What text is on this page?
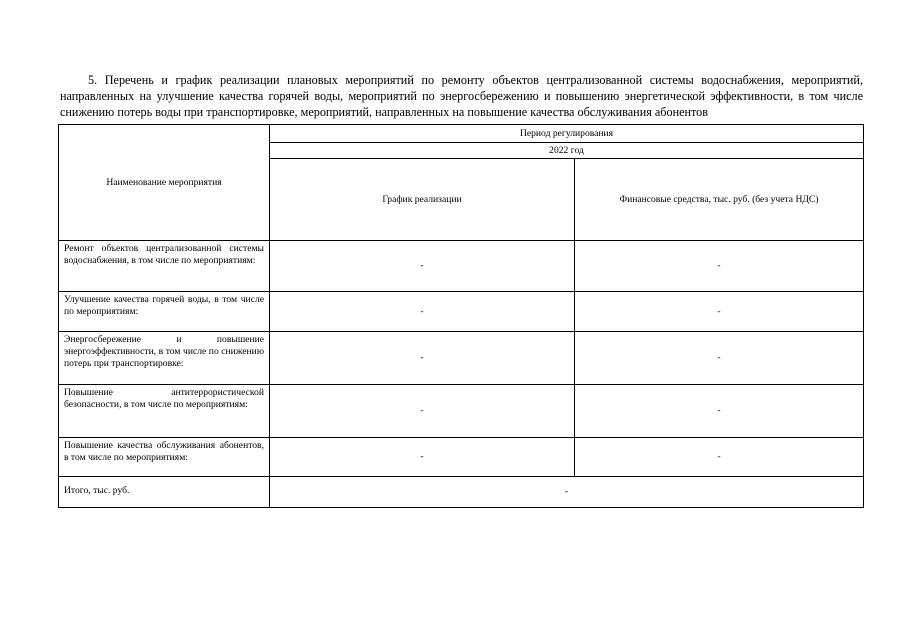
5. Перечень и график реализации плановых мероприятий по ремонту объектов централизованной системы водоснабжения, мероприятий, направленных на улучшение качества горячей воды, мероприятий по энергосбережению и повышению энергетической эффективности, в том числе снижению потерь воды при транспортировке, мероприятий, направленных на повышение качества обслуживания абонентов

Наименование мероприятия	Период регулирования	
	2022 год	
	График реализации	Финансовые средства, тыс. руб. (без учета НДС)
Ремонт объектов централизованной системы водоснабжения, в том числе по мероприятиям:	-	-
Улучшение качества горячей воды, в том числе по мероприятиям:	-	-
Энергосбережение и повышение энергоэффективности, в том числе по снижению потерь при транспортировке:	-	-
Повышение антитеррористической безопасности, в том числе по мероприятиям:	-	-
Повышение качества обслуживания абонентов, в том числе по мероприятиям:	-	-
Итого, тыс. руб.	-	
